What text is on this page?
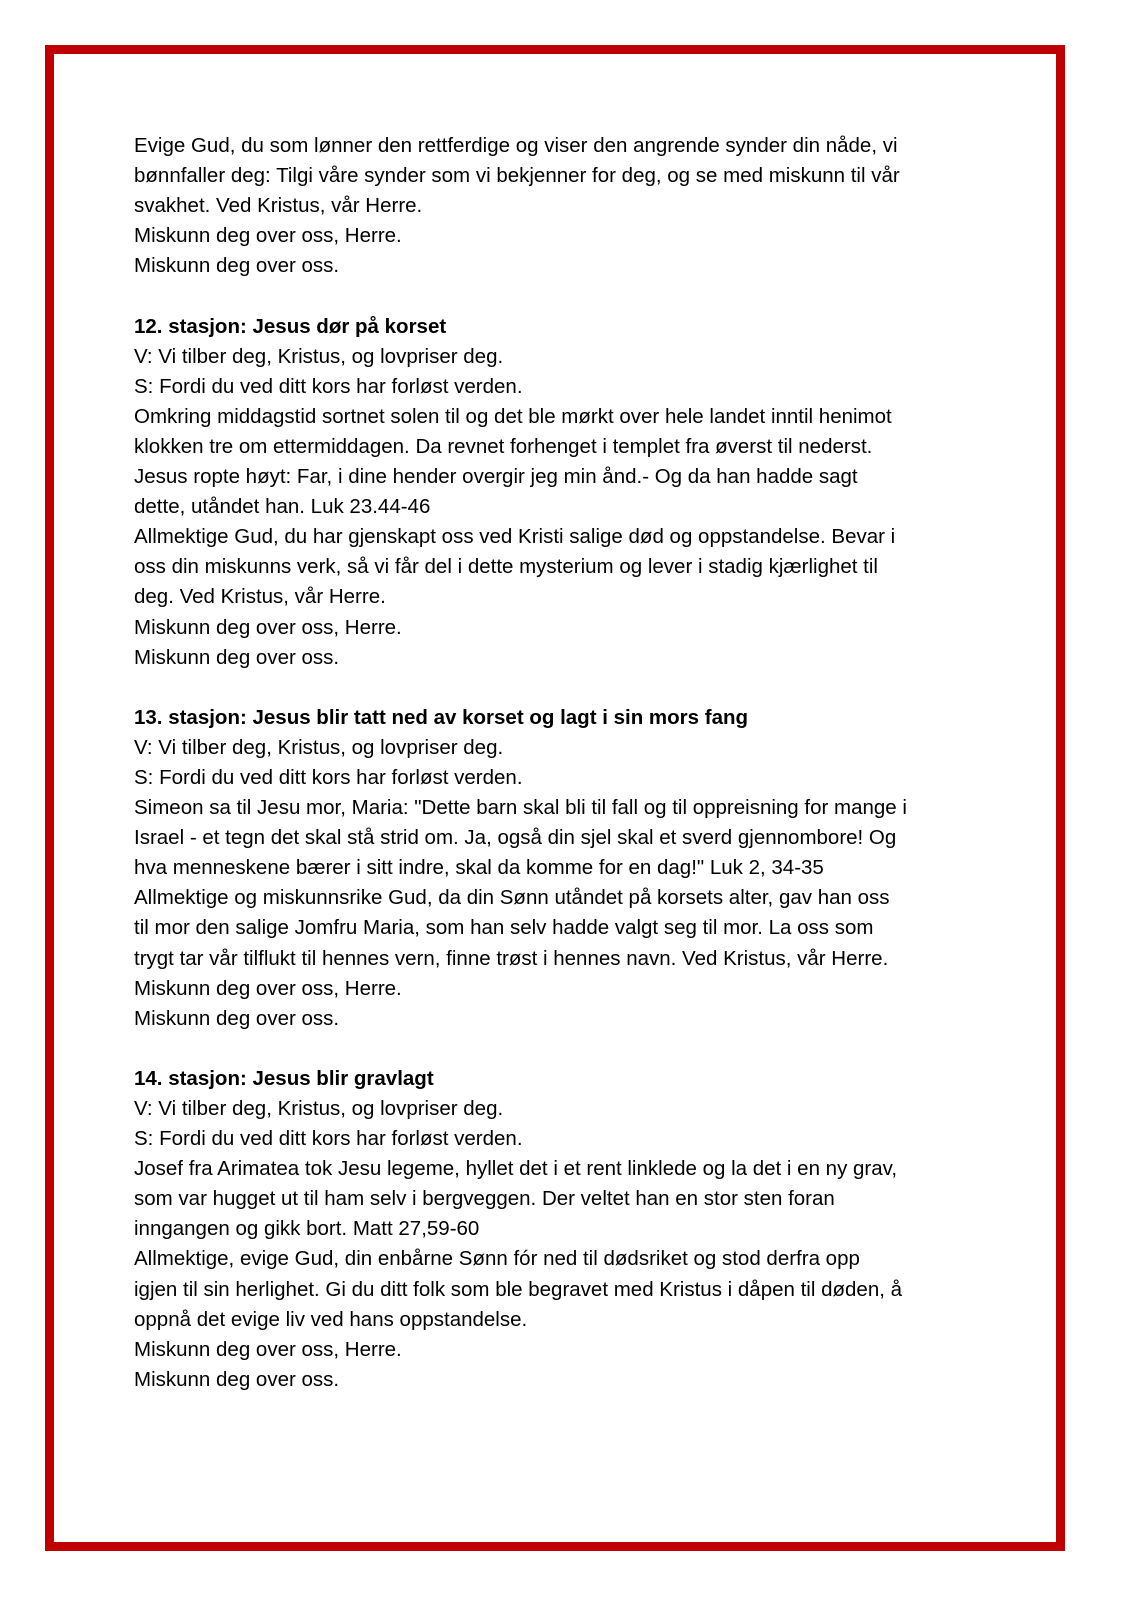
Evige Gud, du som lønner den rettferdige og viser den angrende synder din nåde, vi
bønnfaller deg: Tilgi våre synder som vi bekjenner for deg, og se med miskunn til vår
svakhet. Ved Kristus, vår Herre.
Miskunn deg over oss, Herre.
Miskunn deg over oss.
12. stasjon: Jesus dør på korset
V: Vi tilber deg, Kristus, og lovpriser deg.
S: Fordi du ved ditt kors har forløst verden.
Omkring middagstid sortnet solen til og det ble mørkt over hele landet inntil henimot
klokken tre om ettermiddagen. Da revnet forhenget i templet fra øverst til nederst.
Jesus ropte høyt: Far, i dine hender overgir jeg min ånd.- Og da han hadde sagt
dette, utåndet han. Luk 23.44-46
Allmektige Gud, du har gjenskapt oss ved Kristi salige død og oppstandelse. Bevar i
oss din miskunns verk, så vi får del i dette mysterium og lever i stadig kjærlighet til
deg. Ved Kristus, vår Herre.
Miskunn deg over oss, Herre.
Miskunn deg over oss.
13. stasjon: Jesus blir tatt ned av korset og lagt i sin mors fang
V: Vi tilber deg, Kristus, og lovpriser deg.
S: Fordi du ved ditt kors har forløst verden.
Simeon sa til Jesu mor, Maria: "Dette barn skal bli til fall og til oppreisning for mange i
Israel - et tegn det skal stå strid om. Ja, også din sjel skal et sverd gjennombore! Og
hva menneskene bærer i sitt indre, skal da komme for en dag!" Luk 2, 34-35
Allmektige og miskunnsrike Gud, da din Sønn utåndet på korsets alter, gav han oss
til mor den salige Jomfru Maria, som han selv hadde valgt seg til mor. La oss som
trygt tar vår tilflukt til hennes vern, finne trøst i hennes navn. Ved Kristus, vår Herre.
Miskunn deg over oss, Herre.
Miskunn deg over oss.
14. stasjon: Jesus blir gravlagt
V: Vi tilber deg, Kristus, og lovpriser deg.
S: Fordi du ved ditt kors har forløst verden.
Josef fra Arimatea tok Jesu legeme, hyllet det i et rent linklede og la det i en ny grav,
som var hugget ut til ham selv i bergveggen. Der veltet han en stor sten foran
inngangen og gikk bort. Matt 27,59-60
Allmektige, evige Gud, din enbårne Sønn fór ned til dødsriket og stod derfra opp
igjen til sin herlighet. Gi du ditt folk som ble begravet med Kristus i dåpen til døden, å
oppnå det evige liv ved hans oppstandelse.
Miskunn deg over oss, Herre.
Miskunn deg over oss.
